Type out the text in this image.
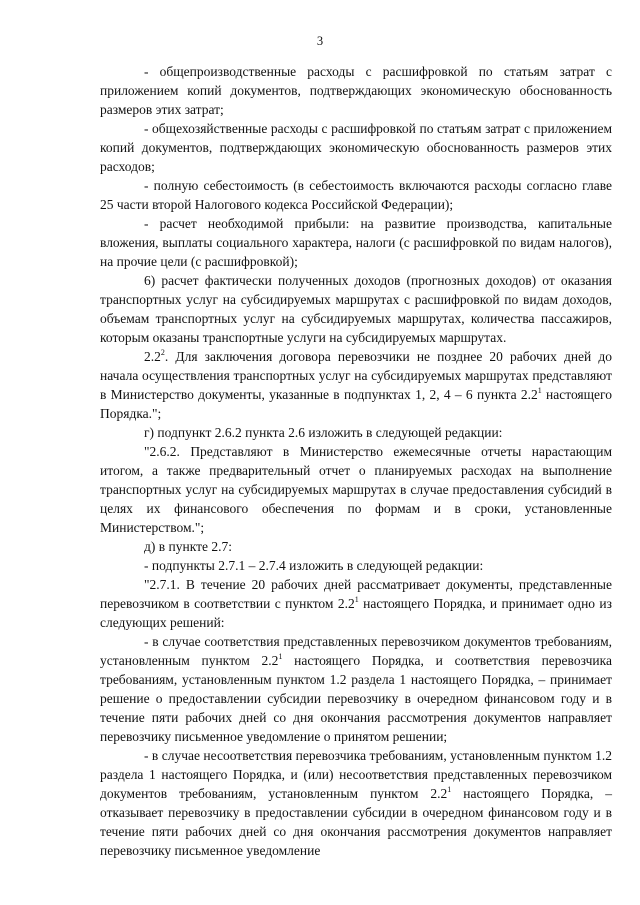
3

- общепроизводственные расходы с расшифровкой по статьям затрат с приложением копий документов, подтверждающих экономическую обоснованность размеров этих затрат;

- общехозяйственные расходы с расшифровкой по статьям затрат с приложением копий документов, подтверждающих экономическую обоснованность размеров этих расходов;

- полную себестоимость (в себестоимость включаются расходы согласно главе 25 части второй Налогового кодекса Российской Федерации);

- расчет необходимой прибыли: на развитие производства, капитальные вложения, выплаты социального характера, налоги (с расшифровкой по видам налогов), на прочие цели (с расшифровкой);

6) расчет фактически полученных доходов (прогнозных доходов) от оказания транспортных услуг на субсидируемых маршрутах с расшифровкой по видам доходов, объемам транспортных услуг на субсидируемых маршрутах, количества пассажиров, которым оказаны транспортные услуги на субсидируемых маршрутах.

$2.2^2$. Для заключения договора перевозчики не позднее 20 рабочих дней до начала осуществления транспортных услуг на субсидируемых маршрутах представляют в Министерство документы, указанные в подпунктах 1, 2, 4 – 6 пункта $2.2^1$ настоящего Порядка.";

г) подпункт 2.6.2 пункта 2.6 изложить в следующей редакции:

"2.6.2. Представляют в Министерство ежемесячные отчеты нарастающим итогом, а также предварительный отчет о планируемых расходах на выполнение транспортных услуг на субсидируемых маршрутах в случае предоставления субсидий в целях их финансового обеспечения по формам и в сроки, установленные Министерством.";

д) в пункте 2.7:

- подпункты 2.7.1 – 2.7.4 изложить в следующей редакции:

"2.7.1. В течение 20 рабочих дней рассматривает документы, представленные перевозчиком в соответствии с пунктом $2.2^1$ настоящего Порядка, и принимает одно из следующих решений:

- в случае соответствия представленных перевозчиком документов требованиям, установленным пунктом $2.2^1$ настоящего Порядка, и соответствия перевозчика требованиям, установленным пунктом 1.2 раздела 1 настоящего Порядка, – принимает решение о предоставлении субсидии перевозчику в очередном финансовом году и в течение пяти рабочих дней со дня окончания рассмотрения документов направляет перевозчику письменное уведомление о принятом решении;

- в случае несоответствия перевозчика требованиям, установленным пунктом 1.2 раздела 1 настоящего Порядка, и (или) несоответствия представленных перевозчиком документов требованиям, установленным пунктом $2.2^1$ настоящего Порядка, – отказывает перевозчику в предоставлении субсидии в очередном финансовом году и в течение пяти рабочих дней со дня окончания рассмотрения документов направляет перевозчику письменное уведомление
